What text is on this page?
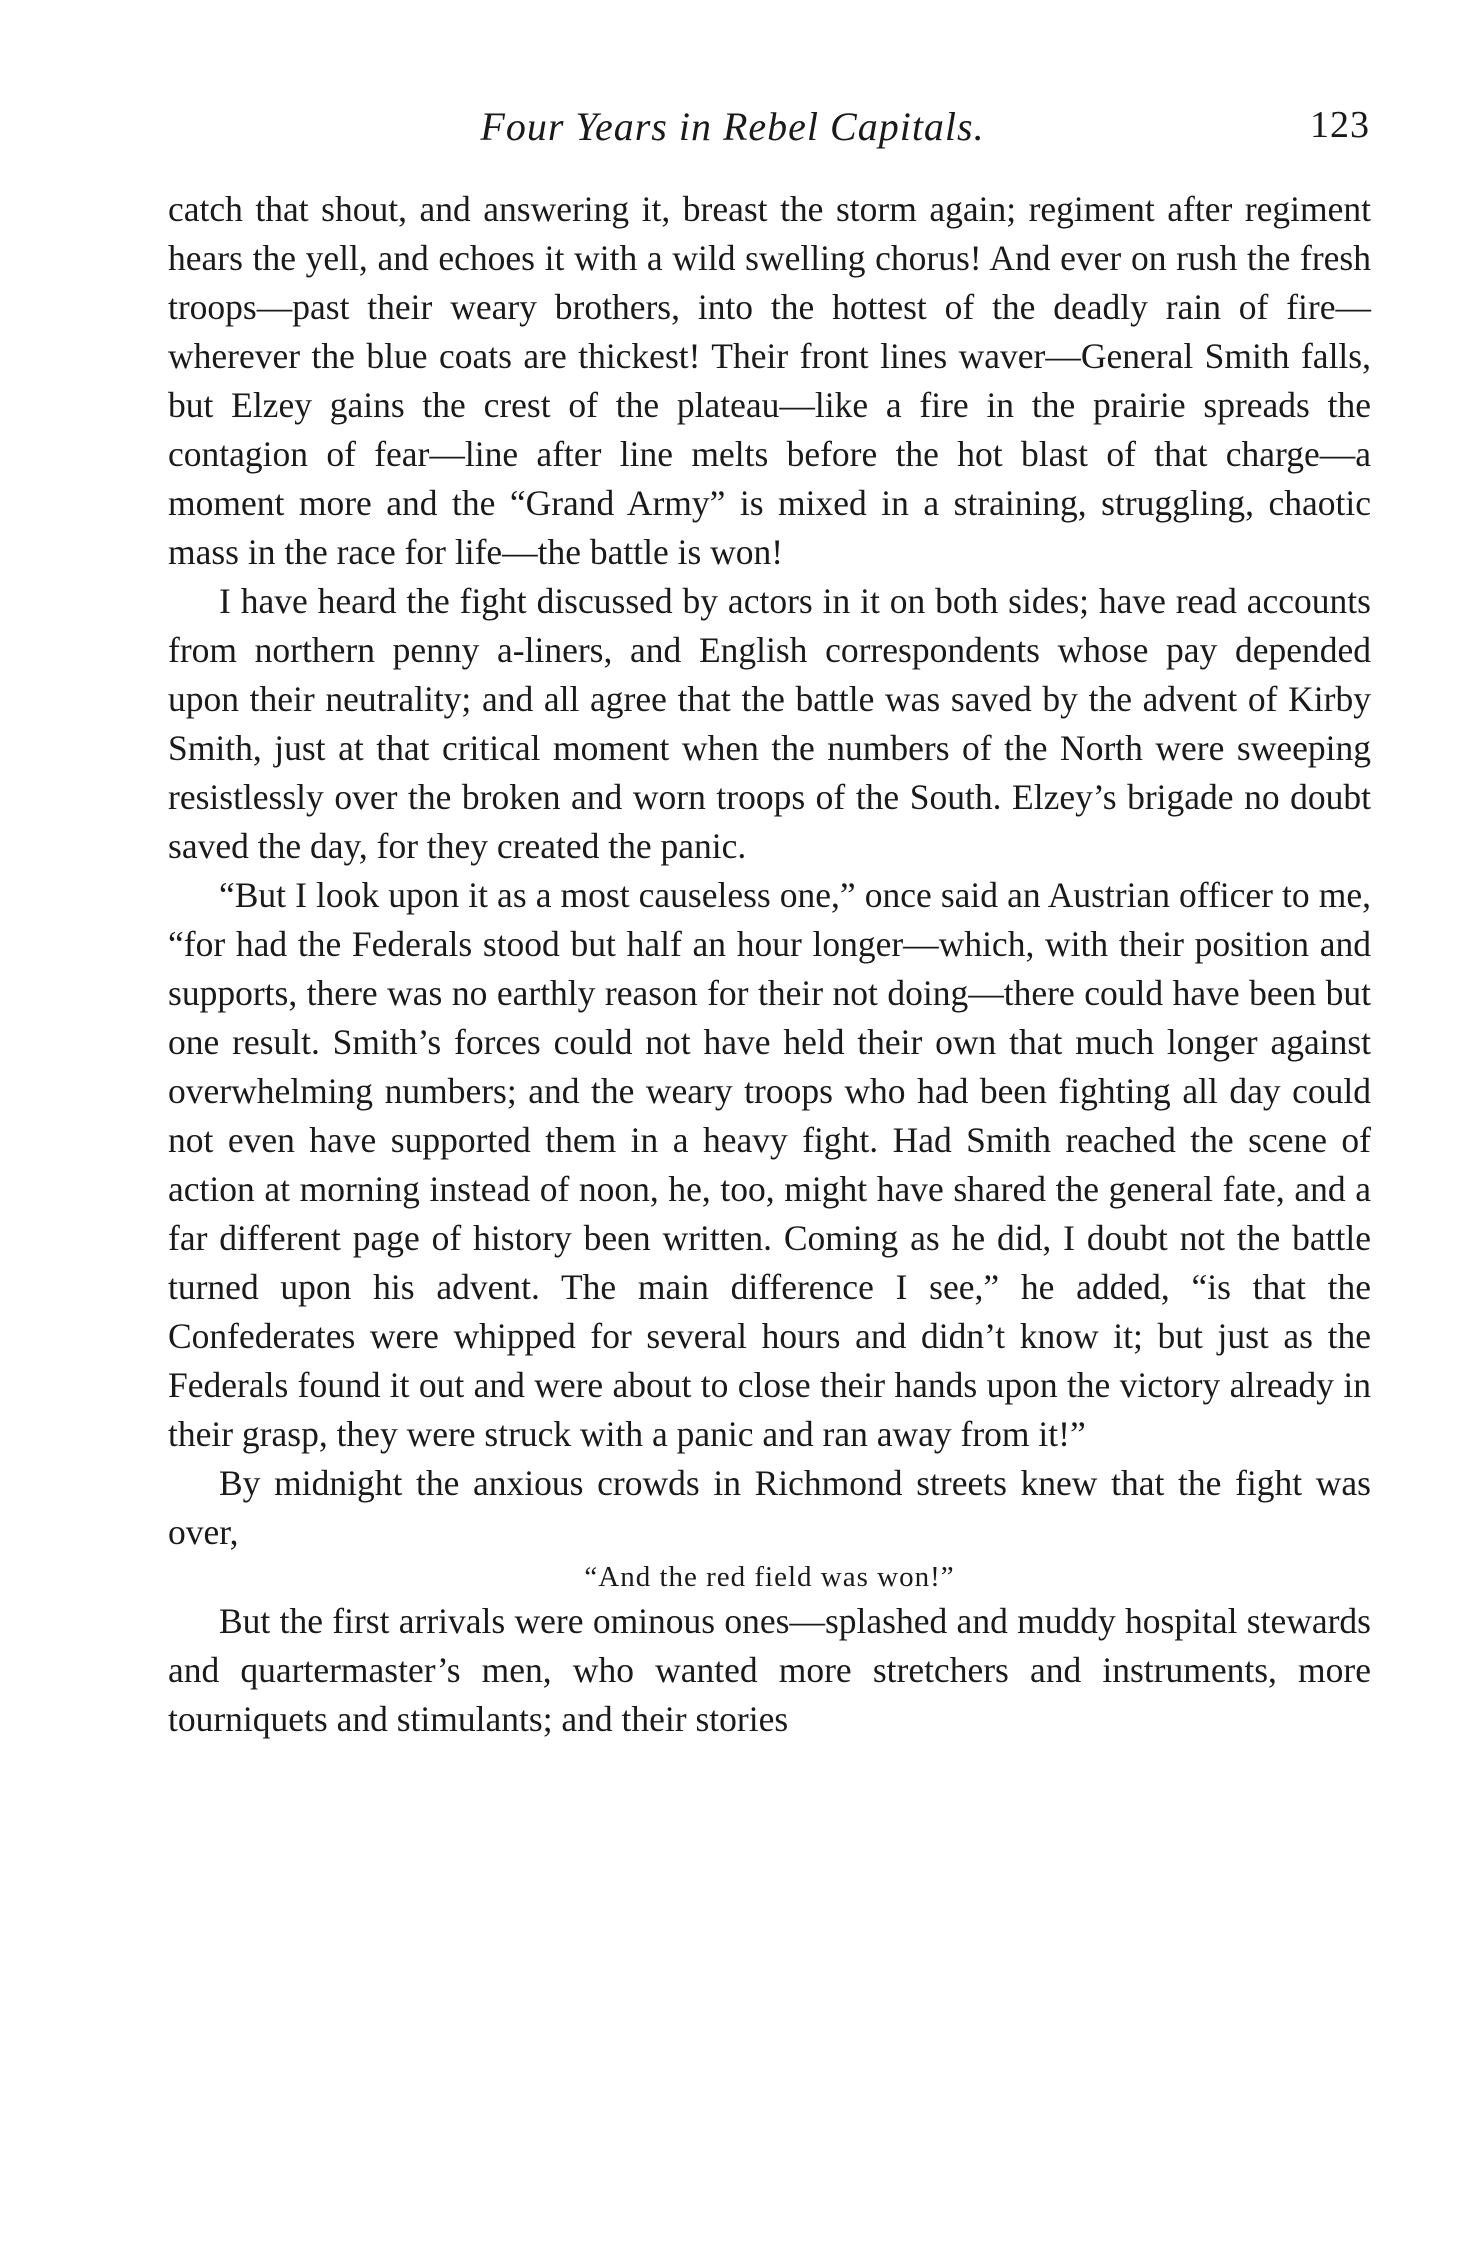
Four Years in Rebel Capitals.	123

catch that shout, and answering it, breast the storm again; regiment after regiment hears the yell, and echoes it with a wild swelling chorus! And ever on rush the fresh troops—past their weary brothers, into the hottest of the deadly rain of fire—wherever the blue coats are thickest! Their front lines waver—General Smith falls, but Elzey gains the crest of the plateau—like a fire in the prairie spreads the contagion of fear—line after line melts before the hot blast of that charge—a moment more and the “Grand Army” is mixed in a straining, struggling, chaotic mass in the race for life—the battle is won!

I have heard the fight discussed by actors in it on both sides; have read accounts from northern penny a-liners, and English correspondents whose pay depended upon their neutrality; and all agree that the battle was saved by the advent of Kirby Smith, just at that critical moment when the numbers of the North were sweeping resistlessly over the broken and worn troops of the South. Elzey’s brigade no doubt saved the day, for they created the panic.

“But I look upon it as a most causeless one,” once said an Austrian officer to me, “for had the Federals stood but half an hour longer—which, with their position and supports, there was no earthly reason for their not doing—there could have been but one result. Smith’s forces could not have held their own that much longer against overwhelming numbers; and the weary troops who had been fighting all day could not even have supported them in a heavy fight. Had Smith reached the scene of action at morning instead of noon, he, too, might have shared the general fate, and a far different page of history been written. Coming as he did, I doubt not the battle turned upon his advent. The main difference I see,” he added, “is that the Confederates were whipped for several hours and didn’t know it; but just as the Federals found it out and were about to close their hands upon the victory already in their grasp, they were struck with a panic and ran away from it!”

By midnight the anxious crowds in Richmond streets knew that the fight was over,

“And the red field was won!”

But the first arrivals were ominous ones—splashed and muddy hospital stewards and quartermaster’s men, who wanted more stretchers and instruments, more tourniquets and stimulants; and their stories
